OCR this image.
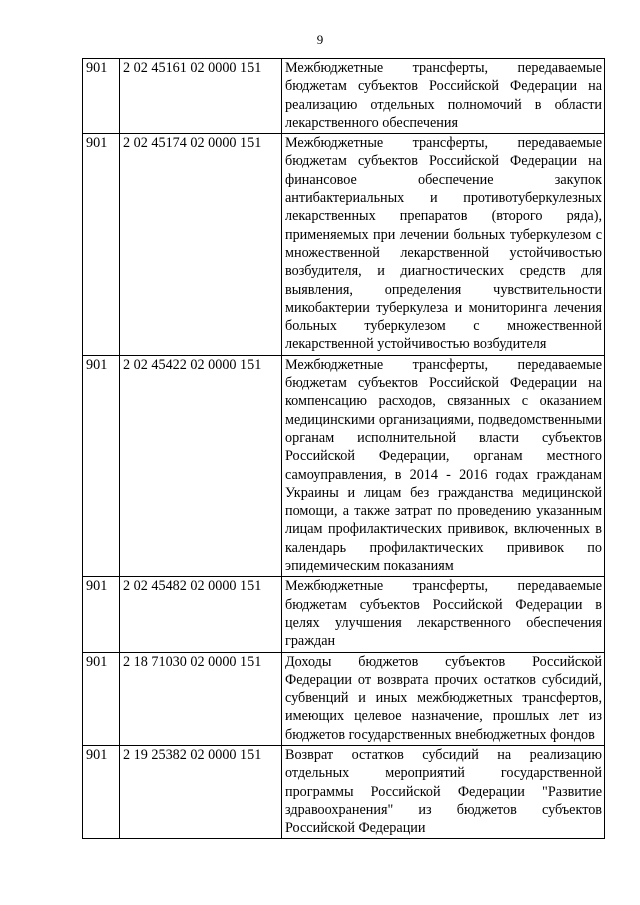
9
901	2 02 45161 02 0000 151	Межбюджетные трансферты, передаваемые бюджетам субъектов Российской Федерации на реализацию отдельных полномочий в области лекарственного обеспечения
901	2 02 45174 02 0000 151	Межбюджетные трансферты, передаваемые бюджетам субъектов Российской Федерации на финансовое обеспечение закупок антибактериальных и противотуберкулезных лекарственных препаратов (второго ряда), применяемых при лечении больных туберкулезом с множественной лекарственной устойчивостью возбудителя, и диагностических средств для выявления, определения чувствительности микобактерии туберкулеза и мониторинга лечения больных туберкулезом с множественной лекарственной устойчивостью возбудителя
901	2 02 45422 02 0000 151	Межбюджетные трансферты, передаваемые бюджетам субъектов Российской Федерации на компенсацию расходов, связанных с оказанием медицинскими организациями, подведомственными органам исполнительной власти субъектов Российской Федерации, органам местного самоуправления, в 2014 - 2016 годах гражданам Украины и лицам без гражданства медицинской помощи, а также затрат по проведению указанным лицам профилактических прививок, включенных в календарь профилактических прививок по эпидемическим показаниям
901	2 02 45482 02 0000 151	Межбюджетные трансферты, передаваемые бюджетам субъектов Российской Федерации в целях улучшения лекарственного обеспечения граждан
901	2 18 71030 02 0000 151	Доходы бюджетов субъектов Российской Федерации от возврата прочих остатков субсидий, субвенций и иных межбюджетных трансфертов, имеющих целевое назначение, прошлых лет из бюджетов государственных внебюджетных фондов
901	2 19 25382 02 0000 151	Возврат остатков субсидий на реализацию отдельных мероприятий государственной программы Российской Федерации "Развитие здравоохранения" из бюджетов субъектов Российской Федерации
